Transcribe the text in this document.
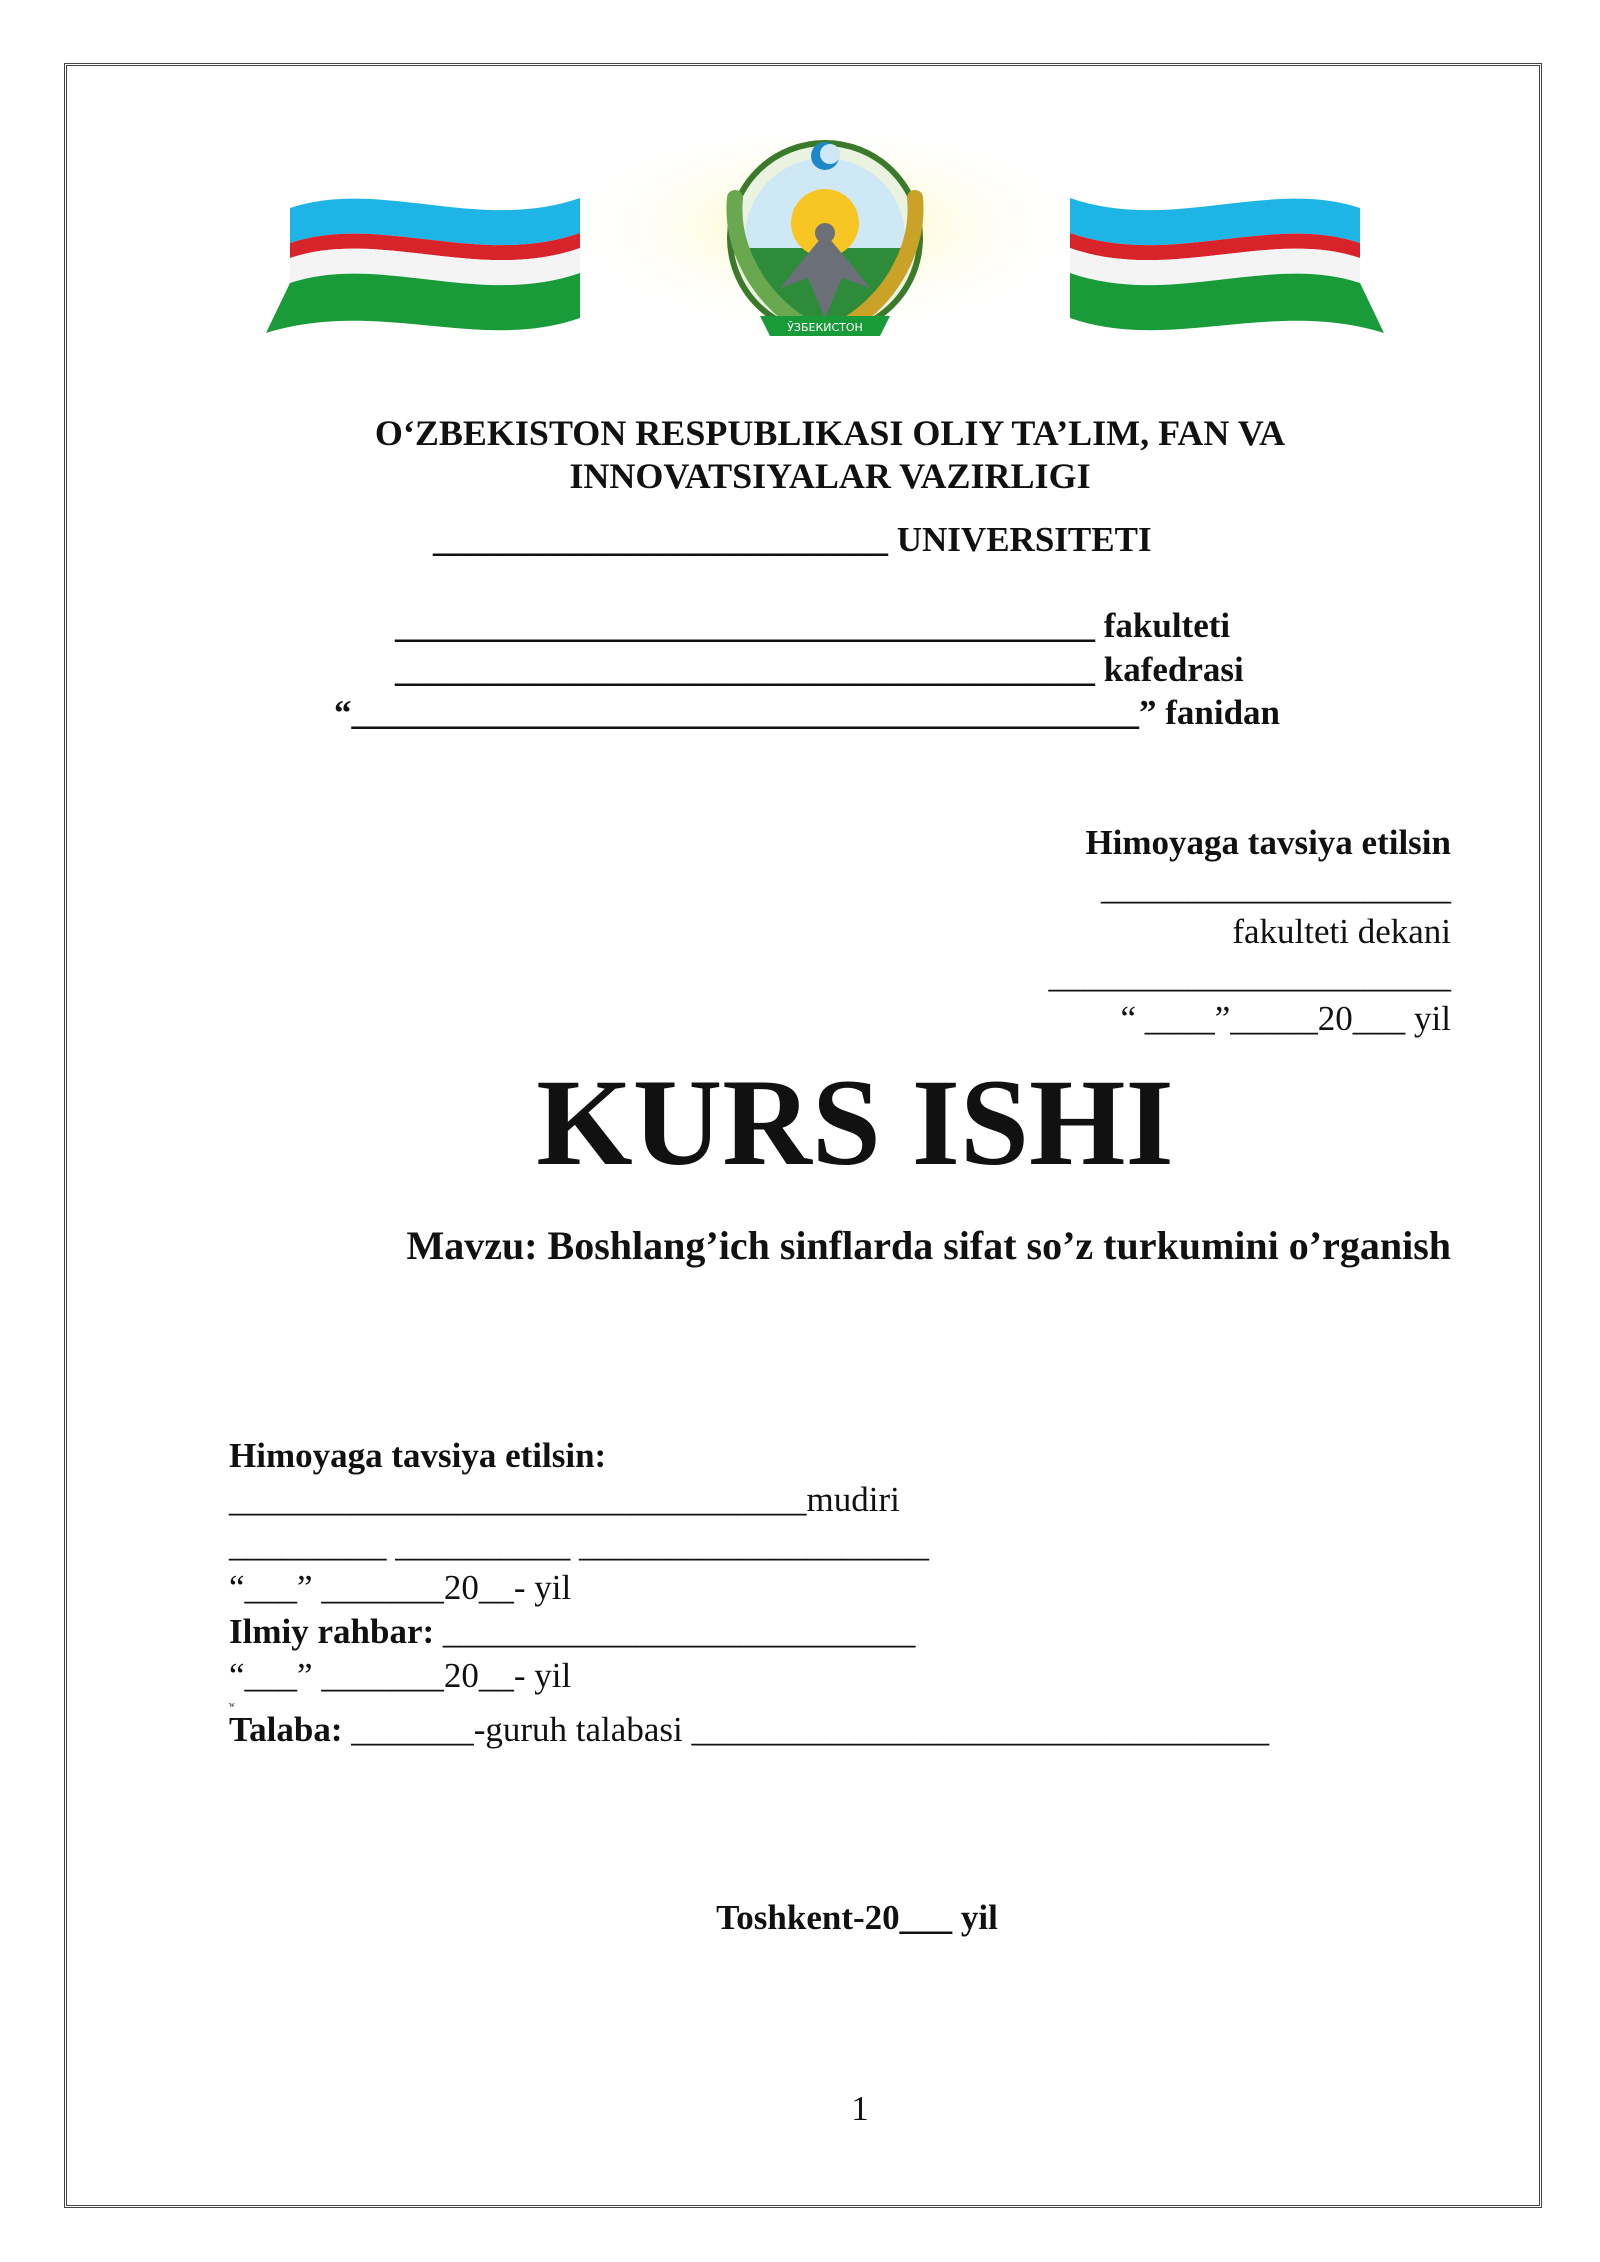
ЎЗБЕКИСТОН
O‘ZBEKISTON RESPUBLIKASI OLIY TA’LIM, FAN VA
INNOVATSIYALAR VAZIRLIGI
__________________________ UNIVERSITETI
________________________________________ fakulteti
________________________________________ kafedrasi
“_____________________________________________” fanidan
Himoyaga tavsiya etilsin
____________________
fakulteti dekani
_______________________
“ ____”_____20___ yil
KURS ISHI
Mavzu: Boshlang’ich sinflarda sifat so’z turkumini o’rganish
Himoyaga tavsiya etilsin:
_________________________________mudiri
_________ __________ ____________________
“___” _______20__- yil
Ilmiy rahbar: ___________________________
“___” _______20__- yil
w
Talaba: _______-guruh talabasi _________________________________
Toshkent-20___ yil
1
